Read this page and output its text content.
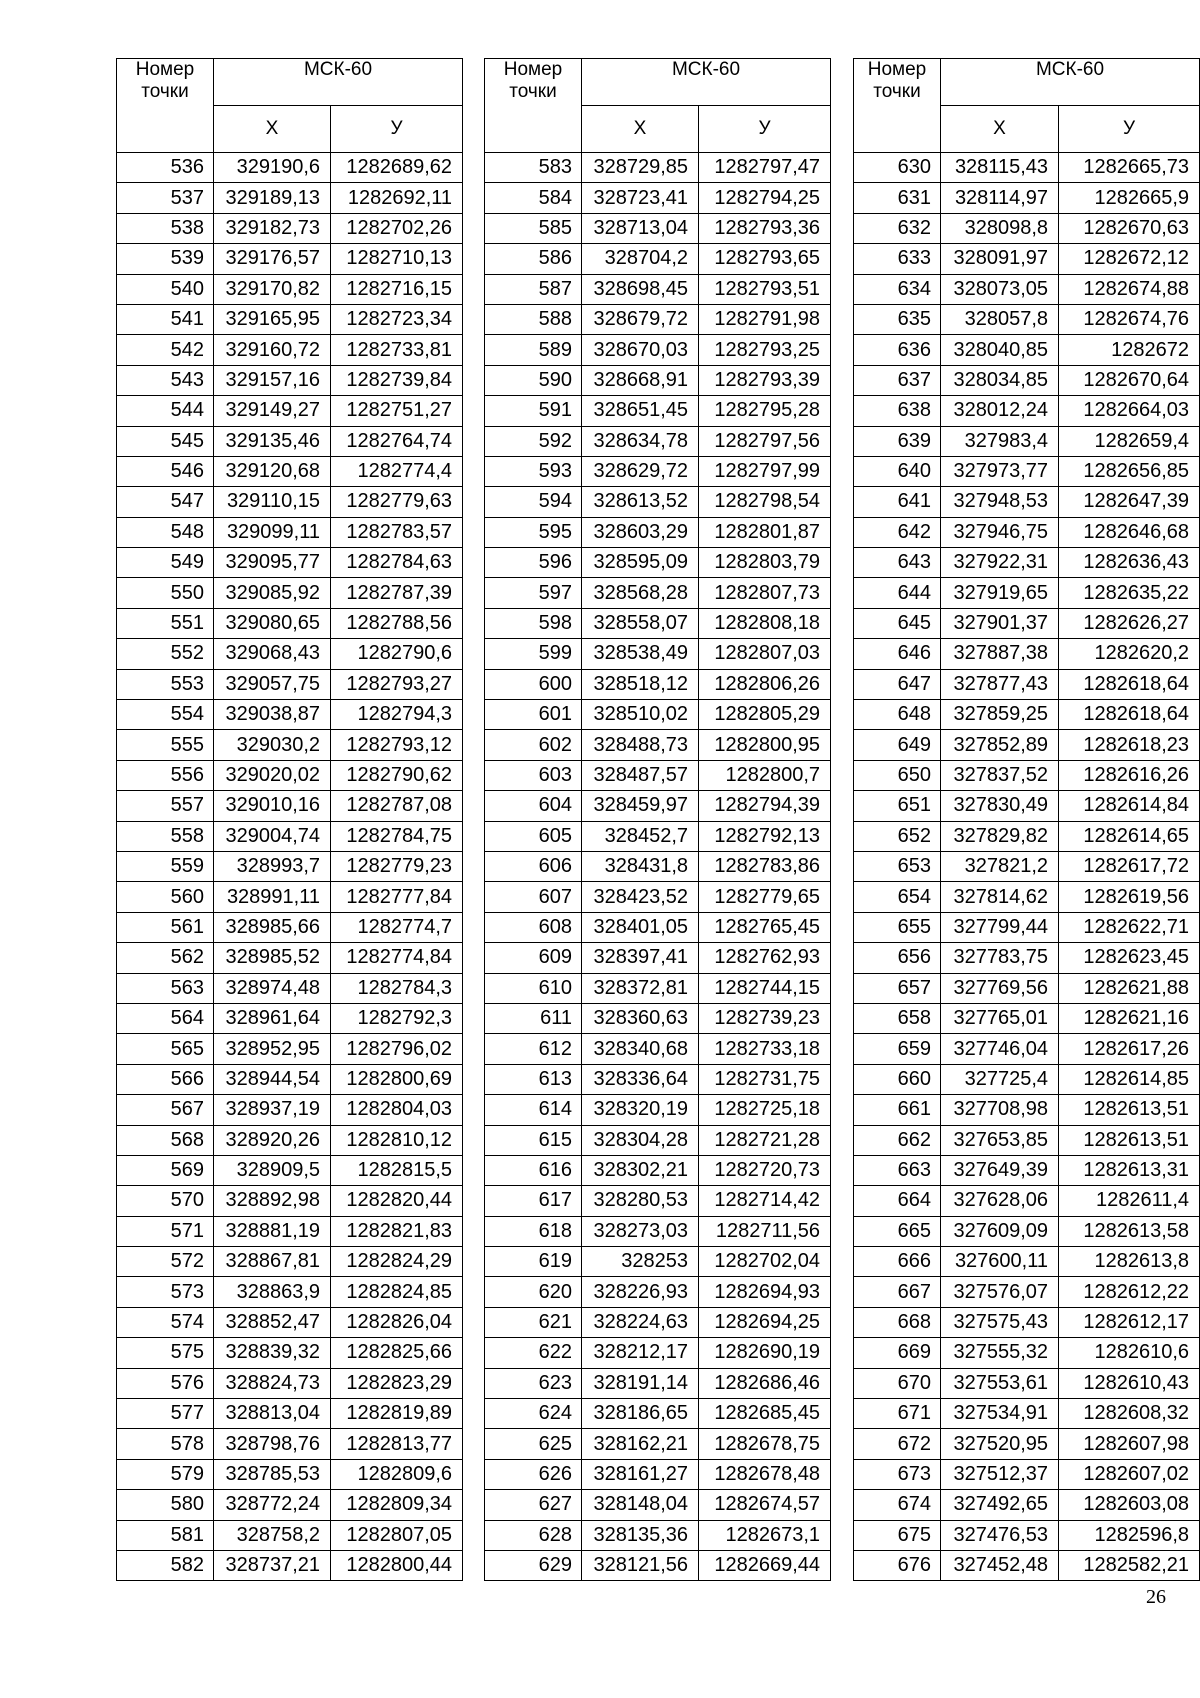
Номер точки	МСК-60	
	X	У
536	329190,6	1282689,62
537	329189,13	1282692,11
538	329182,73	1282702,26
539	329176,57	1282710,13
540	329170,82	1282716,15
541	329165,95	1282723,34
542	329160,72	1282733,81
543	329157,16	1282739,84
544	329149,27	1282751,27
545	329135,46	1282764,74
546	329120,68	1282774,4
547	329110,15	1282779,63
548	329099,11	1282783,57
549	329095,77	1282784,63
550	329085,92	1282787,39
551	329080,65	1282788,56
552	329068,43	1282790,6
553	329057,75	1282793,27
554	329038,87	1282794,3
555	329030,2	1282793,12
556	329020,02	1282790,62
557	329010,16	1282787,08
558	329004,74	1282784,75
559	328993,7	1282779,23
560	328991,11	1282777,84
561	328985,66	1282774,7
562	328985,52	1282774,84
563	328974,48	1282784,3
564	328961,64	1282792,3
565	328952,95	1282796,02
566	328944,54	1282800,69
567	328937,19	1282804,03
568	328920,26	1282810,12
569	328909,5	1282815,5
570	328892,98	1282820,44
571	328881,19	1282821,83
572	328867,81	1282824,29
573	328863,9	1282824,85
574	328852,47	1282826,04
575	328839,32	1282825,66
576	328824,73	1282823,29
577	328813,04	1282819,89
578	328798,76	1282813,77
579	328785,53	1282809,6
580	328772,24	1282809,34
581	328758,2	1282807,05
582	328737,21	1282800,44
Номер точки	МСК-60	
	X	У
583	328729,85	1282797,47
584	328723,41	1282794,25
585	328713,04	1282793,36
586	328704,2	1282793,65
587	328698,45	1282793,51
588	328679,72	1282791,98
589	328670,03	1282793,25
590	328668,91	1282793,39
591	328651,45	1282795,28
592	328634,78	1282797,56
593	328629,72	1282797,99
594	328613,52	1282798,54
595	328603,29	1282801,87
596	328595,09	1282803,79
597	328568,28	1282807,73
598	328558,07	1282808,18
599	328538,49	1282807,03
600	328518,12	1282806,26
601	328510,02	1282805,29
602	328488,73	1282800,95
603	328487,57	1282800,7
604	328459,97	1282794,39
605	328452,7	1282792,13
606	328431,8	1282783,86
607	328423,52	1282779,65
608	328401,05	1282765,45
609	328397,41	1282762,93
610	328372,81	1282744,15
611	328360,63	1282739,23
612	328340,68	1282733,18
613	328336,64	1282731,75
614	328320,19	1282725,18
615	328304,28	1282721,28
616	328302,21	1282720,73
617	328280,53	1282714,42
618	328273,03	1282711,56
619	328253	1282702,04
620	328226,93	1282694,93
621	328224,63	1282694,25
622	328212,17	1282690,19
623	328191,14	1282686,46
624	328186,65	1282685,45
625	328162,21	1282678,75
626	328161,27	1282678,48
627	328148,04	1282674,57
628	328135,36	1282673,1
629	328121,56	1282669,44
Номер точки	МСК-60	
	X	У
630	328115,43	1282665,73
631	328114,97	1282665,9
632	328098,8	1282670,63
633	328091,97	1282672,12
634	328073,05	1282674,88
635	328057,8	1282674,76
636	328040,85	1282672
637	328034,85	1282670,64
638	328012,24	1282664,03
639	327983,4	1282659,4
640	327973,77	1282656,85
641	327948,53	1282647,39
642	327946,75	1282646,68
643	327922,31	1282636,43
644	327919,65	1282635,22
645	327901,37	1282626,27
646	327887,38	1282620,2
647	327877,43	1282618,64
648	327859,25	1282618,64
649	327852,89	1282618,23
650	327837,52	1282616,26
651	327830,49	1282614,84
652	327829,82	1282614,65
653	327821,2	1282617,72
654	327814,62	1282619,56
655	327799,44	1282622,71
656	327783,75	1282623,45
657	327769,56	1282621,88
658	327765,01	1282621,16
659	327746,04	1282617,26
660	327725,4	1282614,85
661	327708,98	1282613,51
662	327653,85	1282613,51
663	327649,39	1282613,31
664	327628,06	1282611,4
665	327609,09	1282613,58
666	327600,11	1282613,8
667	327576,07	1282612,22
668	327575,43	1282612,17
669	327555,32	1282610,6
670	327553,61	1282610,43
671	327534,91	1282608,32
672	327520,95	1282607,98
673	327512,37	1282607,02
674	327492,65	1282603,08
675	327476,53	1282596,8
676	327452,48	1282582,21
26
